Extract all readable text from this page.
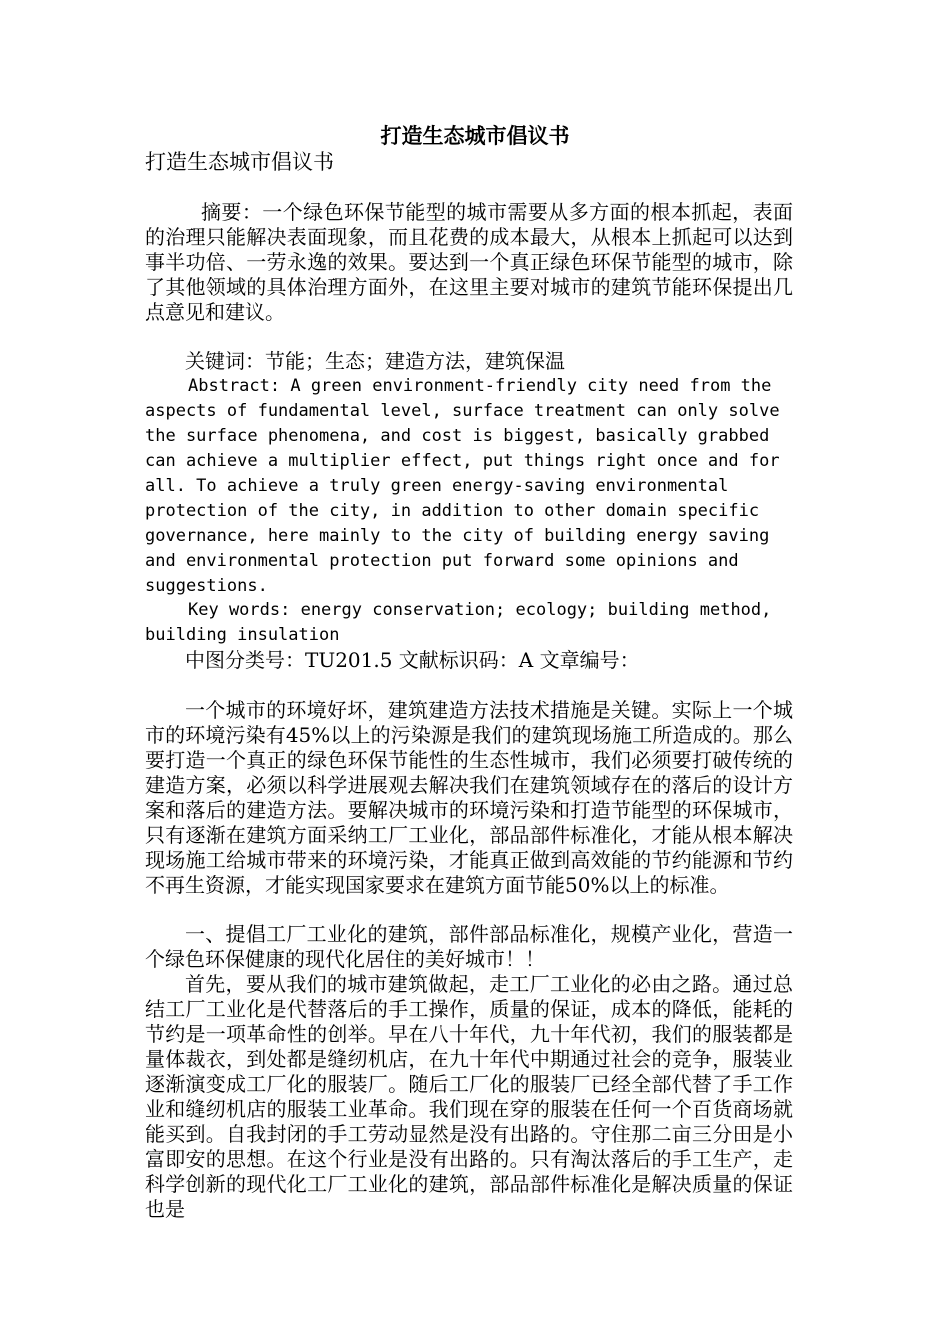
打造生态城市倡议书
打造生态城市倡议书

摘要：一个绿色环保节能型的城市需要从多方面的根本抓起，表面的治理只能解决表面现象，而且花费的成本最大，从根本上抓起可以达到事半功倍、一劳永逸的效果。要达到一个真正绿色环保节能型的城市，除了其他领域的具体治理方面外，在这里主要对城市的建筑节能环保提出几点意见和建议。

关键词：节能；生态；建造方法，建筑保温

Abstract: A green environment-friendly city need from the aspects of fundamental level, surface treatment can only solve the surface phenomena, and cost is biggest, basically grabbed can achieve a multiplier effect, put things right once and for all. To achieve a truly green energy-saving environmental protection of the city, in addition to other domain specific governance, here mainly to the city of building energy saving and environmental protection put forward some opinions and suggestions.

Key words: energy conservation; ecology; building method, building insulation

中图分类号：TU201.5 文献标识码：A 文章编号：

一个城市的环境好坏，建筑建造方法技术措施是关键。实际上一个城市的环境污染有45%以上的污染源是我们的建筑现场施工所造成的。那么要打造一个真正的绿色环保节能性的生态性城市，我们必须要打破传统的建造方案，必须以科学进展观去解决我们在建筑领域存在的落后的设计方案和落后的建造方法。要解决城市的环境污染和打造节能型的环保城市，只有逐渐在建筑方面采纳工厂工业化，部品部件标准化，才能从根本解决现场施工给城市带来的环境污染，才能真正做到高效能的节约能源和节约不再生资源，才能实现国家要求在建筑方面节能50%以上的标准。

一、提倡工厂工业化的建筑，部件部品标准化，规模产业化，营造一个绿色环保健康的现代化居住的美好城市！！

首先，要从我们的城市建筑做起，走工厂工业化的必由之路。通过总结工厂工业化是代替落后的手工操作，质量的保证，成本的降低，能耗的节约是一项革命性的创举。早在八十年代，九十年代初，我们的服装都是量体裁衣，到处都是缝纫机店，在九十年代中期通过社会的竞争，服装业逐渐演变成工厂化的服装厂。随后工厂化的服装厂已经全部代替了手工作业和缝纫机店的服装工业革命。我们现在穿的服装在任何一个百货商场就能买到。自我封闭的手工劳动显然是没有出路的。守住那二亩三分田是小富即安的思想。在这个行业是没有出路的。只有淘汰落后的手工生产，走科学创新的现代化工厂工业化的建筑，部品部件标准化是解决质量的保证也是
